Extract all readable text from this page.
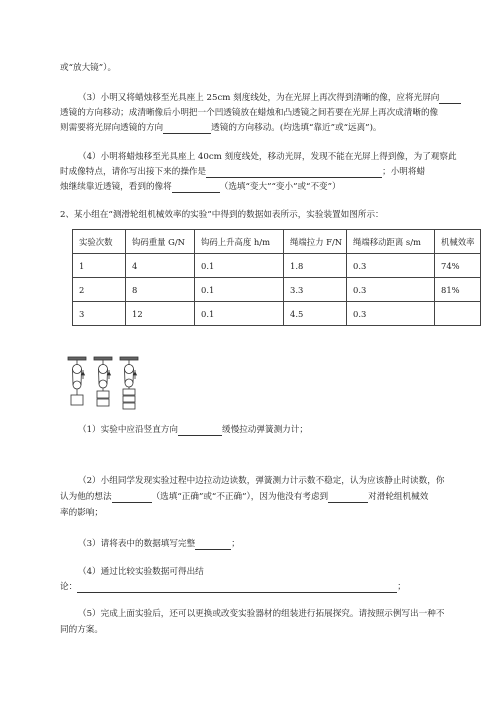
或“放大镜”）。
（3）小明又将蜡烛移至光具座上 25cm 刻度线处，为在光屏上再次得到清晰的像，应将光屏向
透镜的方向移动；成清晰像后小明把一个凹透镜放在蜡烛和凸透镜之间若要在光屏上再次成清晰的像
则需要将光屏向透镜的方向	透镜的方向移动。(均选填“靠近”或“远离”)。
（4）小明将蜡烛移至光具座上 40cm 刻度线处，移动光屏，发现不能在光屏上得到像，为了观察此
时成像特点，请你写出接下来的操作是	；小明将蜡
烛继续靠近透镜，看到的像将	（选填“变大”“变小”或“不变”）
2、某小组在“测滑轮组机械效率的实验”中得到的数据如表所示，实验装置如图所示：
实验次数	钩码重量 G/N	钩码上升高度 h/m	绳端拉力 F/N	绳端移动距离 s/m	机械效率
1	4	0.1	1.8	0.3	74%
2	8	0.1	3.3	0.3	81%
3	12	0.1	4.5	0.3	
（1）实验中应沿竖直方向	缓慢拉动弹簧测力计；
（2）小组同学发现实验过程中边拉动边读数，弹簧测力计示数不稳定，认为应该静止时读数，你
认为他的想法	（选填“正确”或“不正确”），因为他没有考虑到	对滑轮组机械效
率的影响；
（3）请将表中的数据填写完整	；
（4）通过比较实验数据可得出结
论：	；
（5）完成上面实验后，还可以更换或改变实验器材的组装进行拓展探究。请按照示例写出一种不
同的方案。
